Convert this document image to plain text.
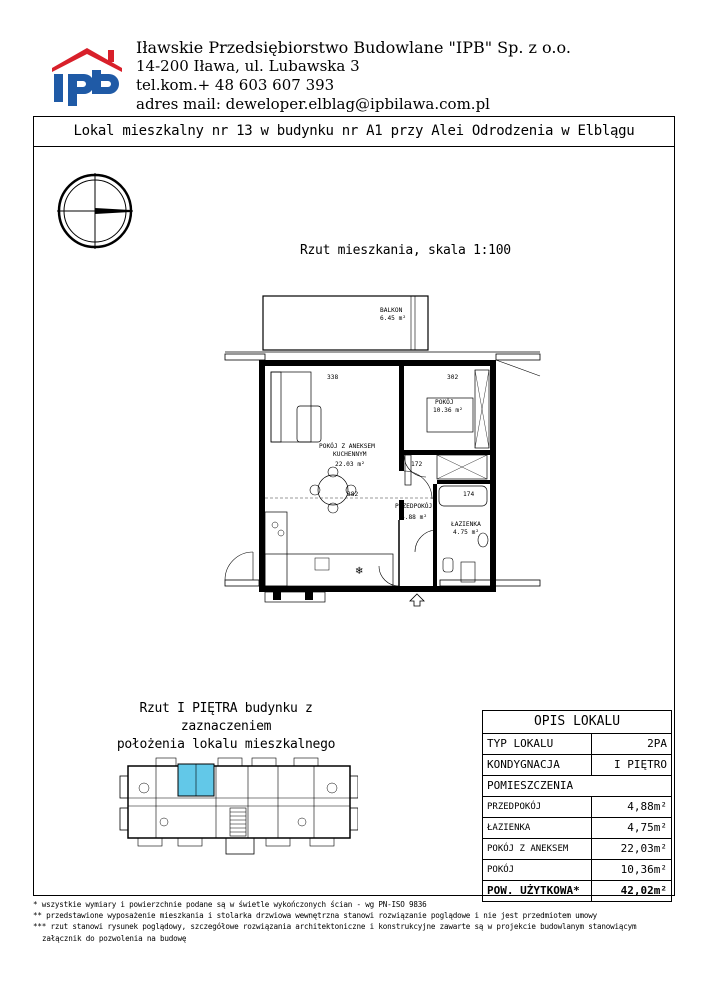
Iławskie Przedsiębiorstwo Budowlane "IPB" Sp. z o.o.
14-200 Iława, ul. Lubawska 3
tel.kom.+ 48 603 607 393
adres mail: deweloper.elblag@ipbilawa.com.pl
Lokal mieszkalny nr 13 w budynku nr A1 przy Alei Odrodzenia w Elblągu
Rzut mieszkania, skala 1:100
❄
BALKON
6.45 m²
POKÓJ Z ANEKSEM
KUCHENNYM
22.03 m²
POKÓJ
10.36 m²
PRZEDPOKÓJ
4.88 m²
ŁAZIENKA
4.75 m²
338	302
382
172
174
Rzut I PIĘTRA budynku z zaznaczeniem
położenia lokalu mieszkalnego
OPIS LOKALU
TYP LOKALU	2PA
KONDYGNACJA	I PIĘTRO
POMIESZCZENIA
PRZEDPOKÓJ	4,88m²
ŁAZIENKA	4,75m²
POKÓJ Z ANEKSEM	22,03m²
POKÓJ	10,36m²
POW. UŻYTKOWA*	42,02m²
* wszystkie wymiary i powierzchnie podane są w świetle wykończonych ścian - wg PN-ISO 9836
** przedstawione wyposażenie mieszkania i stolarka drzwiowa wewnętrzna stanowi rozwiązanie poglądowe i nie jest przedmiotem umowy
*** rzut stanowi rysunek poglądowy, szczegółowe rozwiązania architektoniczne i konstrukcyjne zawarte są w projekcie budowlanym stanowiącym
załącznik do pozwolenia na budowę
